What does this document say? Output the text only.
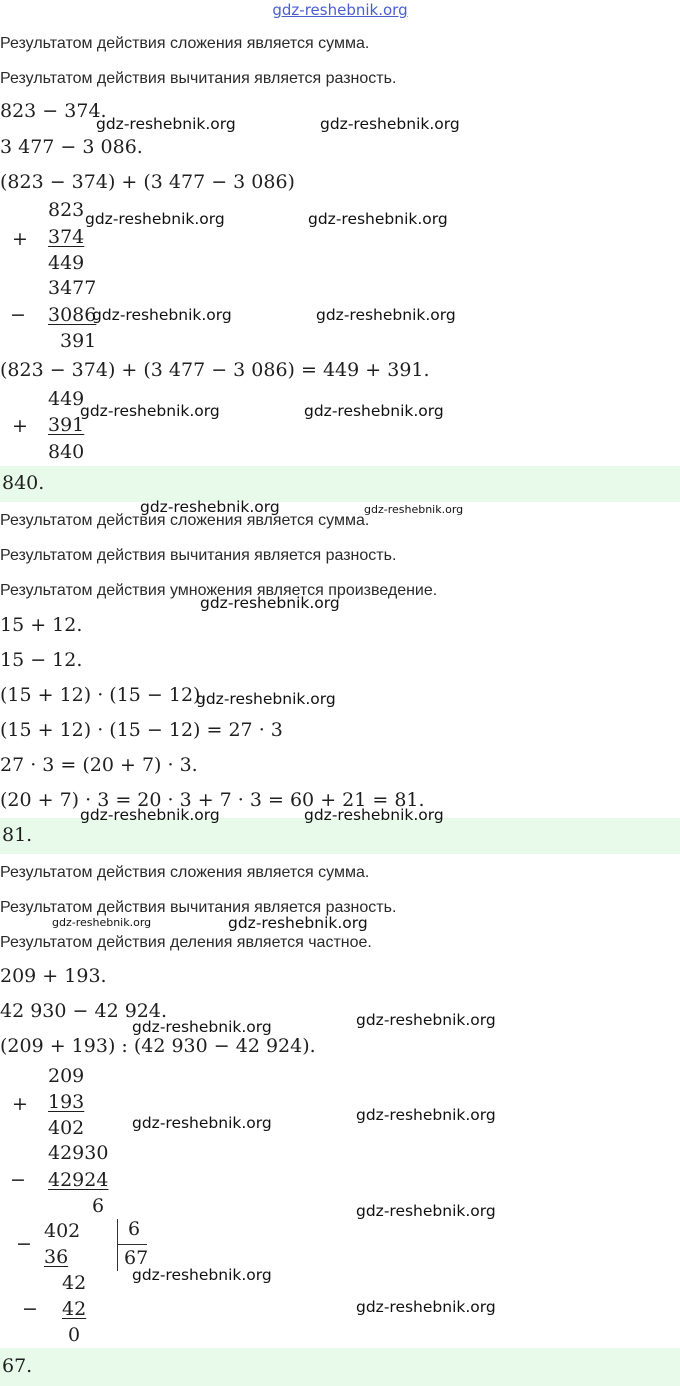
gdz-reshebnik.org
Результатом действия сложения является сумма.
Результатом действия вычитания является разность.
823 − 374.
3 477 − 3 086.
(823 − 374) + (3 477 − 3 086)
823
+ 374
449
3477
− 3086
391
(823 − 374) + (3 477 − 3 086) = 449 + 391.
449
+ 391
840
840.
Результатом действия сложения является сумма.
Результатом действия вычитания является разность.
Результатом действия умножения является произведение.
15 + 12.
15 − 12.
(15 + 12) · (15 − 12).
(15 + 12) · (15 − 12) = 27 · 3
27 · 3 = (20 + 7) · 3.
(20 + 7) · 3 = 20 · 3 + 7 · 3 = 60 + 21 = 81.
81.
Результатом действия сложения является сумма.
Результатом действия вычитания является разность.
Результатом действия деления является частное.
209 + 193.
42 930 − 42 924.
(209 + 193) : (42 930 − 42 924).
209
+ 193
402
42930
− 42924
6
−
402
36
6
67
42
− 42
0
67.
gdz-reshebnik.org	gdz-reshebnik.org
gdz-reshebnik.org	gdz-reshebnik.org
gdz-reshebnik.org	gdz-reshebnik.org
gdz-reshebnik.org	gdz-reshebnik.org
gdz-reshebnik.org	gdz-reshebnik.org
gdz-reshebnik.org
gdz-reshebnik.org
gdz-reshebnik.org	gdz-reshebnik.org
gdz-reshebnik.org	gdz-reshebnik.org
gdz-reshebnik.org	gdz-reshebnik.org
gdz-reshebnik.org	gdz-reshebnik.org
gdz-reshebnik.org
gdz-reshebnik.org
gdz-reshebnik.org
